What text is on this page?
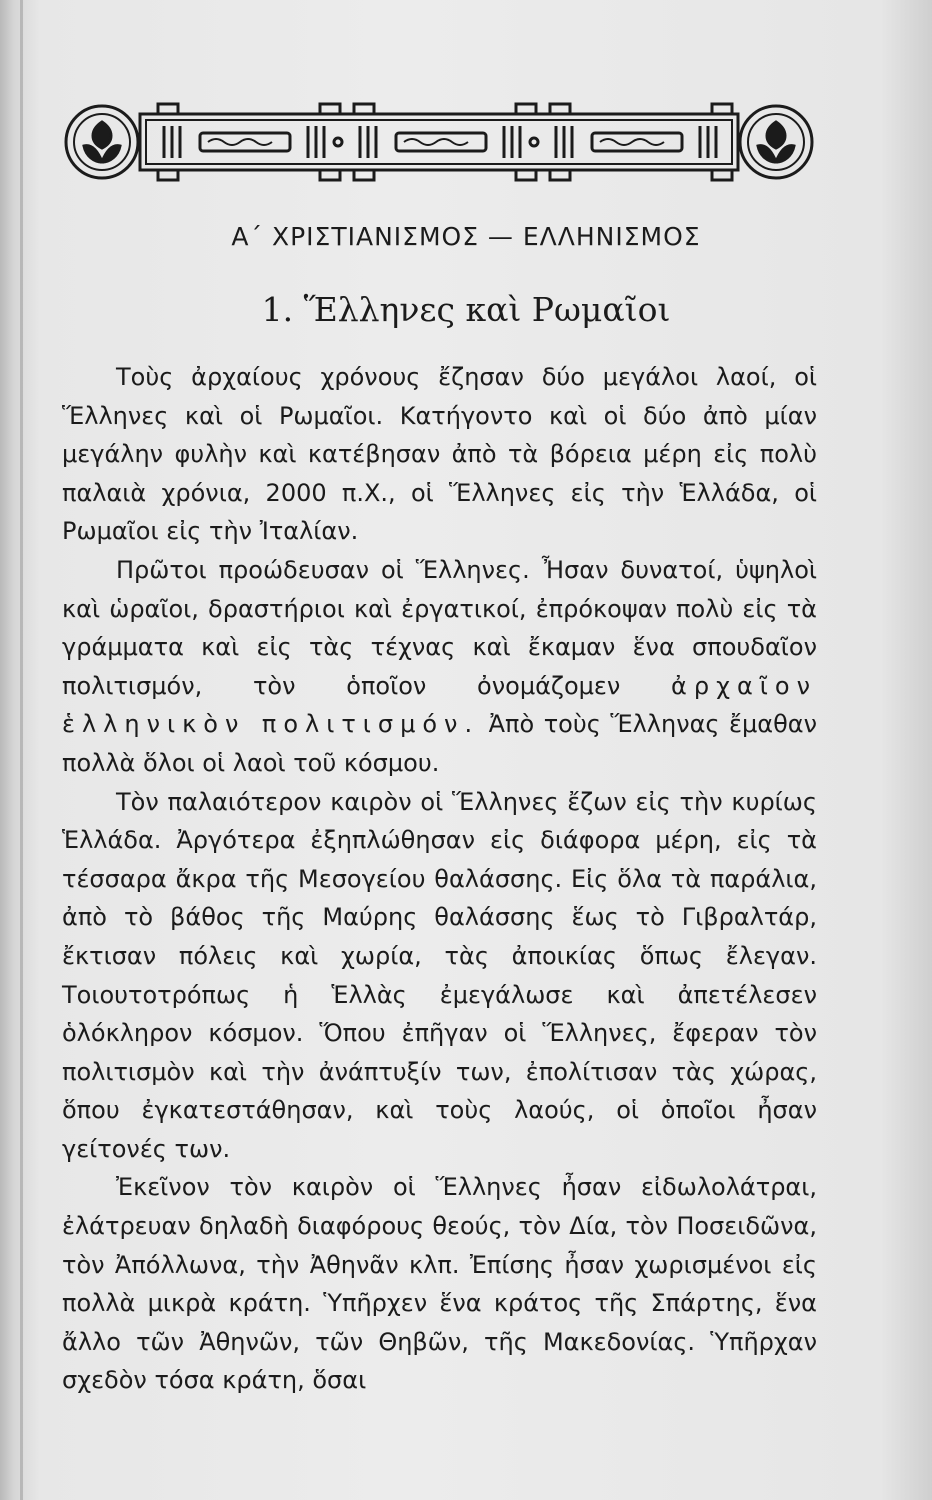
Α΄ ΧΡΙΣΤΙΑΝΙΣΜΟΣ — ΕΛΛΗΝΙΣΜΟΣ
1. Ἕλληνες καὶ Ρωμαῖοι

Τοὺς ἀρχαίους χρόνους ἔζησαν δύο μεγάλοι λαοί, οἱ Ἕλληνες καὶ οἱ Ρωμαῖοι. Κατήγοντο καὶ οἱ δύο ἀπὸ μίαν μεγάλην φυλὴν καὶ κατέβησαν ἀπὸ τὰ βόρεια μέρη εἰς πολὺ παλαιὰ χρόνια, 2000 π.Χ., οἱ Ἕλληνες εἰς τὴν Ἑλλάδα, οἱ Ρωμαῖοι εἰς τὴν Ἰταλίαν.

Πρῶτοι προώδευσαν οἱ Ἕλληνες. Ἦσαν δυνατοί, ὑψηλοὶ καὶ ὡραῖοι, δραστήριοι καὶ ἐργατικοί, ἐπρόκοψαν πολὺ εἰς τὰ γράμματα καὶ εἰς τὰς τέχνας καὶ ἔκαμαν ἕνα σπουδαῖον πολιτισμόν, τὸν ὁποῖον ὀνομάζομεν ἀρχαῖον ἑλληνικὸν πολιτισμόν. Ἀπὸ τοὺς Ἕλληνας ἔμαθαν πολλὰ ὅλοι οἱ λαοὶ τοῦ κόσμου.

Τὸν παλαιότερον καιρὸν οἱ Ἕλληνες ἔζων εἰς τὴν κυρίως Ἑλλάδα. Ἀργότερα ἐξηπλώθησαν εἰς διάφορα μέρη, εἰς τὰ τέσσαρα ἄκρα τῆς Μεσογείου θαλάσσης. Εἰς ὅλα τὰ παράλια, ἀπὸ τὸ βάθος τῆς Μαύρης θαλάσσης ἕως τὸ Γιβραλτάρ, ἔκτισαν πόλεις καὶ χωρία, τὰς ἀποικίας ὅπως ἔλεγαν. Τοιουτοτρόπως ἡ Ἑλλὰς ἐμεγάλωσε καὶ ἀπετέλεσεν ὁλόκληρον κόσμον. Ὅπου ἐπῆγαν οἱ Ἕλληνες, ἔφεραν τὸν πολιτισμὸν καὶ τὴν ἀνάπτυξίν των, ἐπολίτισαν τὰς χώρας, ὅπου ἐγκατεστάθησαν, καὶ τοὺς λαούς, οἱ ὁποῖοι ἦσαν γείτονές των.

Ἐκεῖνον τὸν καιρὸν οἱ Ἕλληνες ἦσαν εἰδωλολάτραι, ἐλάτρευαν δηλαδὴ διαφόρους θεούς, τὸν Δία, τὸν Ποσειδῶνα, τὸν Ἀπόλλωνα, τὴν Ἀθηνᾶν κλπ. Ἐπίσης ἦσαν χωρισμένοι εἰς πολλὰ μικρὰ κράτη. Ὑπῆρχεν ἕνα κράτος τῆς Σπάρτης, ἕνα ἄλλο τῶν Ἀθηνῶν, τῶν Θηβῶν, τῆς Μακεδονίας. Ὑπῆρχαν σχεδὸν τόσα κράτη, ὅσαι
